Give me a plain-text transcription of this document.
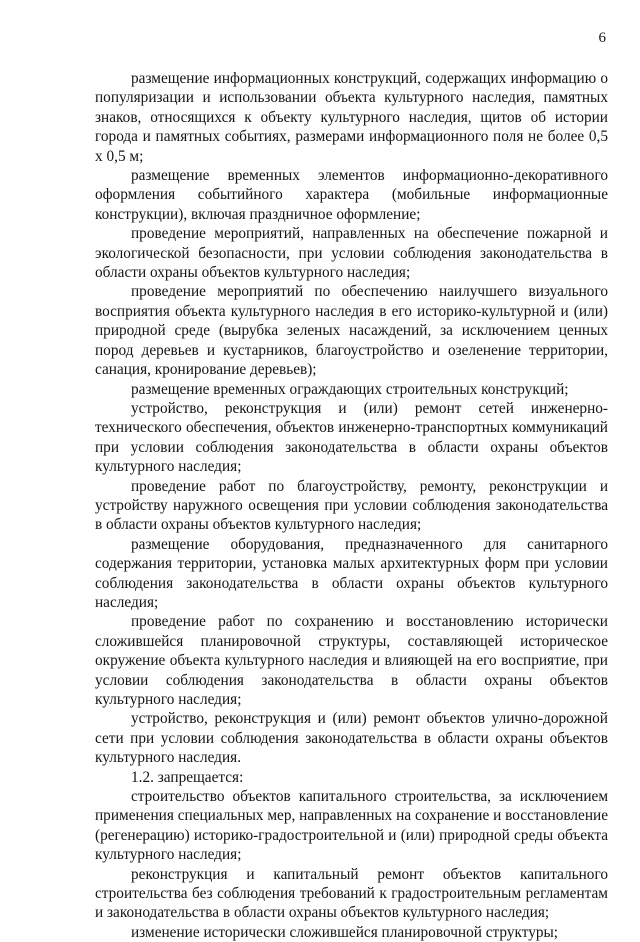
6

размещение информационных конструкций, содержащих информацию о популяризации и использовании объекта культурного наследия, памятных знаков, относящихся к объекту культурного наследия, щитов об истории города и памятных событиях, размерами информационного поля не более 0,5 х 0,5 м;

размещение временных элементов информационно-декоративного оформления событийного характера (мобильные информационные конструкции), включая праздничное оформление;

проведение мероприятий, направленных на обеспечение пожарной и экологической безопасности, при условии соблюдения законодательства в области охраны объектов культурного наследия;

проведение мероприятий по обеспечению наилучшего визуального восприятия объекта культурного наследия в его историко-культурной и (или) природной среде (вырубка зеленых насаждений, за исключением ценных пород деревьев и кустарников, благоустройство и озеленение территории, санация, кронирование деревьев);

размещение временных ограждающих строительных конструкций;

устройство, реконструкция и (или) ремонт сетей инженерно-технического обеспечения, объектов инженерно-транспортных коммуникаций при условии соблюдения законодательства в области охраны объектов культурного наследия;

проведение работ по благоустройству, ремонту, реконструкции и устройству наружного освещения при условии соблюдения законодательства в области охраны объектов культурного наследия;

размещение оборудования, предназначенного для санитарного содержания территории, установка малых архитектурных форм при условии соблюдения законодательства в области охраны объектов культурного наследия;

проведение работ по сохранению и восстановлению исторически сложившейся планировочной структуры, составляющей историческое окружение объекта культурного наследия и влияющей на его восприятие, при условии соблюдения законодательства в области охраны объектов культурного наследия;

устройство, реконструкция и (или) ремонт объектов улично-дорожной сети при условии соблюдения законодательства в области охраны объектов культурного наследия.

1.2. запрещается:

строительство объектов капитального строительства, за исключением применения специальных мер, направленных на сохранение и восстановление (регенерацию) историко-градостроительной и (или) природной среды объекта культурного наследия;

реконструкция и капитальный ремонт объектов капитального строительства без соблюдения требований к градостроительным регламентам и законодательства в области охраны объектов культурного наследия;

изменение исторически сложившейся планировочной структуры;
